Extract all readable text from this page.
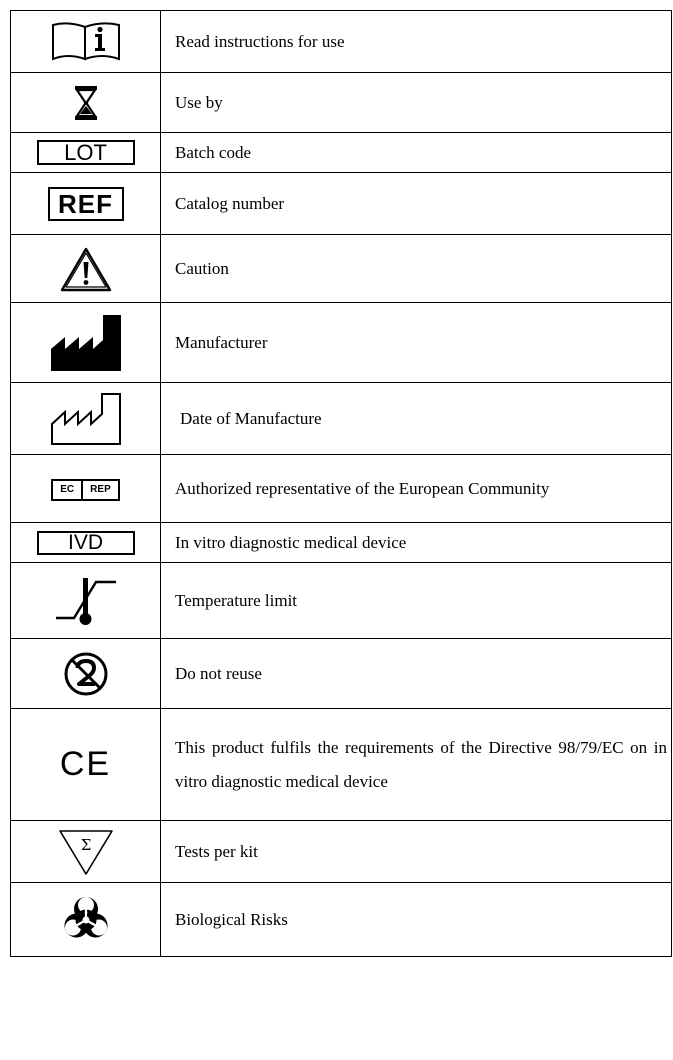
	Read instructions for use

	Use by
LOT	Batch code
REF	Catalog number

	Caution

	Manufacturer

	Date of Manufacture

EC REP	Authorized representative of the European Community
IVD	In vitro diagnostic medical device

	Temperature limit

	Do not reuse
CE	This product fulfils the requirements of the Directive 98/79/EC on in vitro diagnostic medical device

Σ	Tests per kit

	Biological Risks
